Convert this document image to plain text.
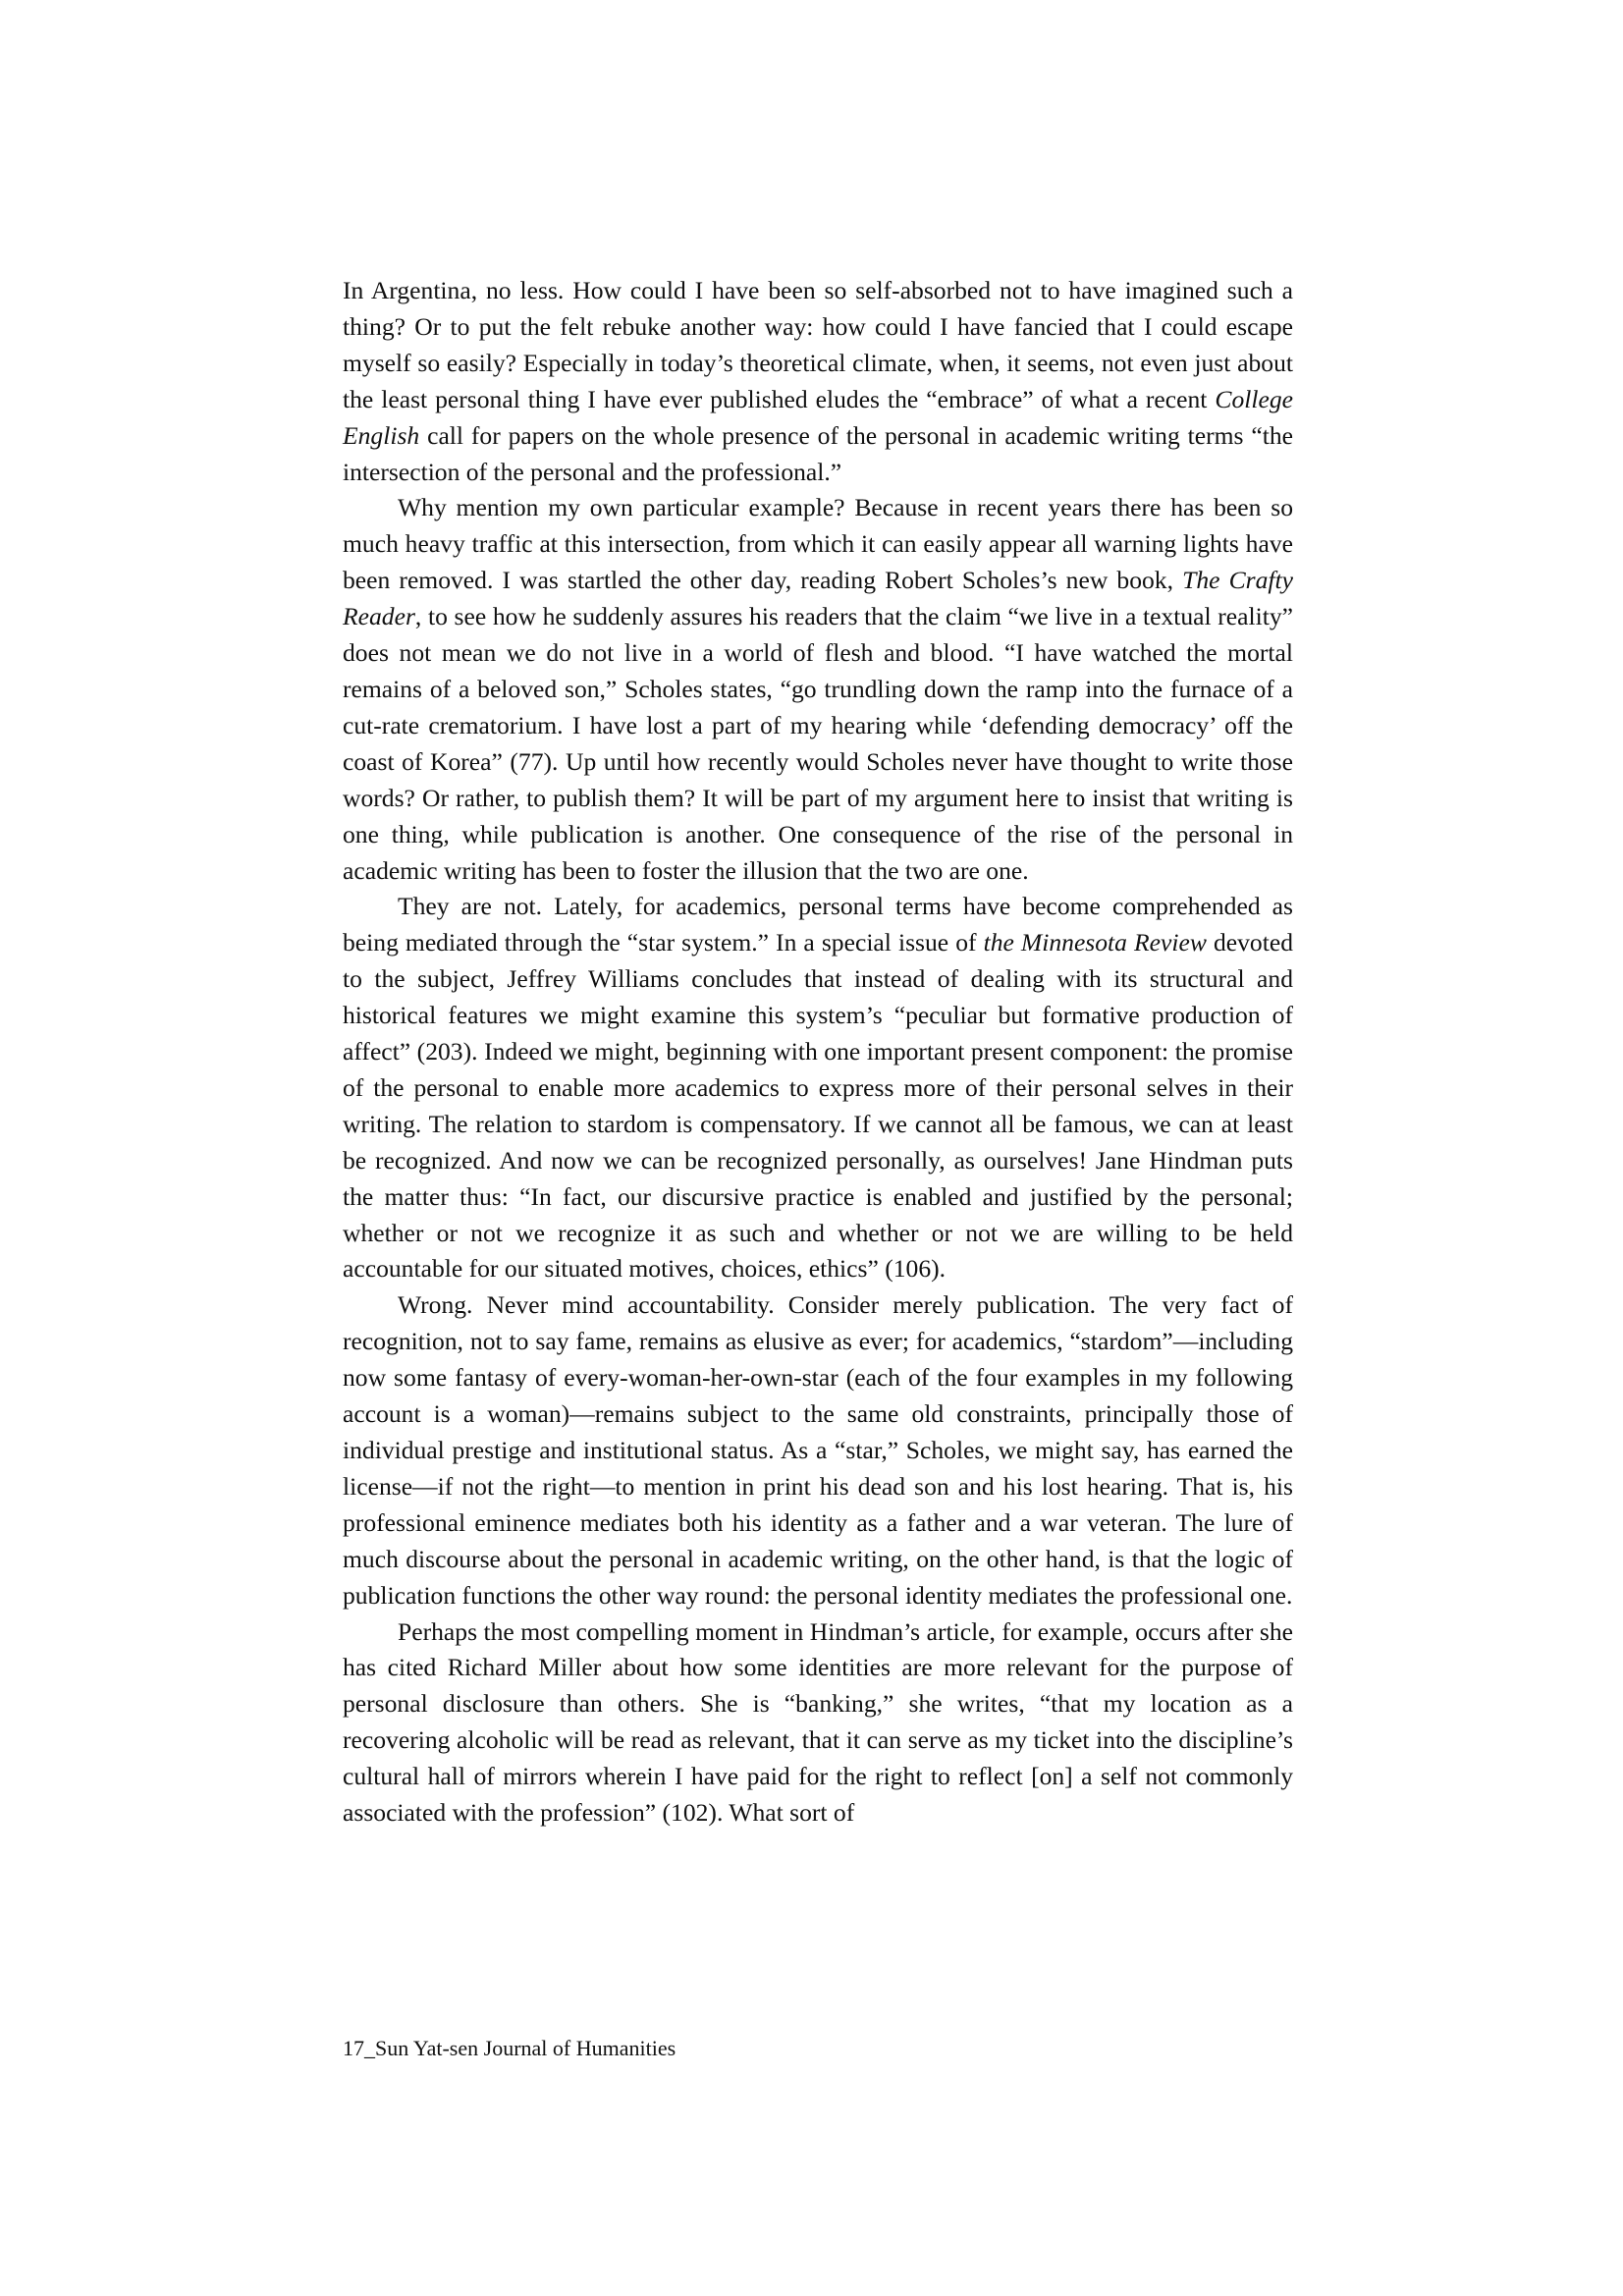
In Argentina, no less. How could I have been so self-absorbed not to have imagined such a thing? Or to put the felt rebuke another way: how could I have fancied that I could escape myself so easily? Especially in today’s theoretical climate, when, it seems, not even just about the least personal thing I have ever published eludes the “embrace” of what a recent College English call for papers on the whole presence of the personal in academic writing terms “the intersection of the personal and the professional.”

Why mention my own particular example? Because in recent years there has been so much heavy traffic at this intersection, from which it can easily appear all warning lights have been removed. I was startled the other day, reading Robert Scholes’s new book, The Crafty Reader, to see how he suddenly assures his readers that the claim “we live in a textual reality” does not mean we do not live in a world of flesh and blood. “I have watched the mortal remains of a beloved son,” Scholes states, “go trundling down the ramp into the furnace of a cut-rate crematorium. I have lost a part of my hearing while ‘defending democracy’ off the coast of Korea” (77). Up until how recently would Scholes never have thought to write those words? Or rather, to publish them? It will be part of my argument here to insist that writing is one thing, while publication is another. One consequence of the rise of the personal in academic writing has been to foster the illusion that the two are one.

They are not. Lately, for academics, personal terms have become comprehended as being mediated through the “star system.” In a special issue of the Minnesota Review devoted to the subject, Jeffrey Williams concludes that instead of dealing with its structural and historical features we might examine this system’s “peculiar but formative production of affect” (203). Indeed we might, beginning with one important present component: the promise of the personal to enable more academics to express more of their personal selves in their writing. The relation to stardom is compensatory. If we cannot all be famous, we can at least be recognized. And now we can be recognized personally, as ourselves! Jane Hindman puts the matter thus: “In fact, our discursive practice is enabled and justified by the personal; whether or not we recognize it as such and whether or not we are willing to be held accountable for our situated motives, choices, ethics” (106).

Wrong. Never mind accountability. Consider merely publication. The very fact of recognition, not to say fame, remains as elusive as ever; for academics, “stardom”—including now some fantasy of every-woman-her-own-star (each of the four examples in my following account is a woman)—remains subject to the same old constraints, principally those of individual prestige and institutional status. As a “star,” Scholes, we might say, has earned the license—if not the right—to mention in print his dead son and his lost hearing. That is, his professional eminence mediates both his identity as a father and a war veteran. The lure of much discourse about the personal in academic writing, on the other hand, is that the logic of publication functions the other way round: the personal identity mediates the professional one.

Perhaps the most compelling moment in Hindman’s article, for example, occurs after she has cited Richard Miller about how some identities are more relevant for the purpose of personal disclosure than others. She is “banking,” she writes, “that my location as a recovering alcoholic will be read as relevant, that it can serve as my ticket into the discipline’s cultural hall of mirrors wherein I have paid for the right to reflect [on] a self not commonly associated with the profession” (102). What sort of

17_Sun Yat-sen Journal of Humanities
